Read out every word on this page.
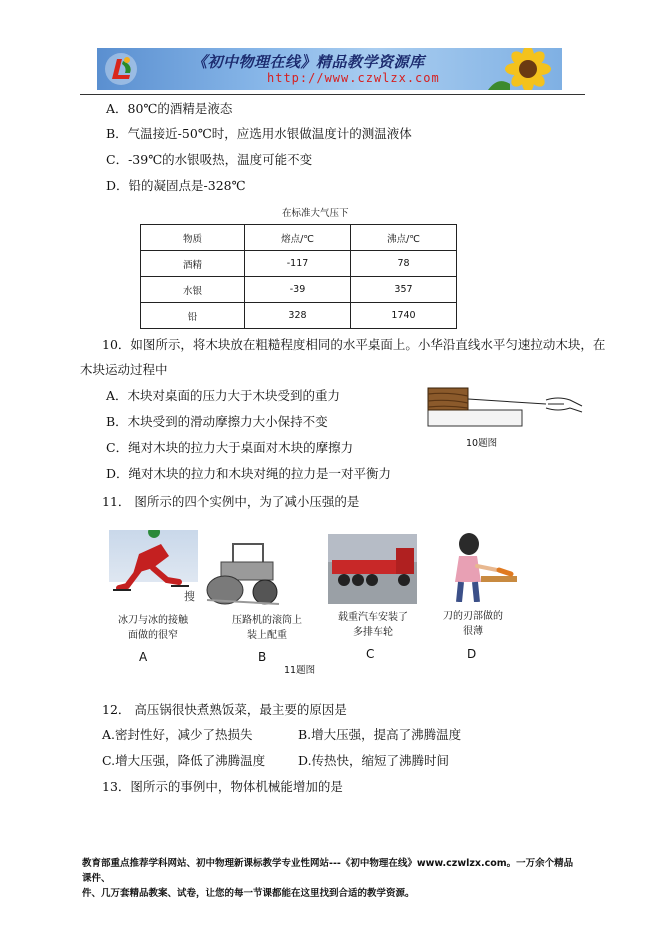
《初中物理在线》精品教学资源库
http://www.czwlzx.com
A．80℃的酒精是液态
B．气温接近-50℃时，应选用水银做温度计的测温液体
C．-39℃的水银吸热，温度可能不变
D．铅的凝固点是-328℃
在标准大气压下
物质	熔点/℃	沸点/℃
酒精	-117	78
水银	-39	357
铅	328	1740
10．如图所示，将木块放在粗糙程度相同的水平桌面上。小华沿直线水平匀速拉动木块，在
木块运动过程中
A．木块对桌面的压力大于木块受到的重力
B．木块受到的滑动摩擦力大小保持不变
C．绳对木块的拉力大于桌面对木块的摩擦力
D．绳对木块的拉力和木块对绳的拉力是一对平衡力
10题图
11． 图所示的四个实例中，为了减小压强的是
搜
冰刀与冰的接触
面做的很窄
压路机的滚筒上
装上配重
载重汽车安装了
多排车轮
刀的刃部做的
很薄
A	B	C	D
11题图
12． 高压锅很快煮熟饭菜，最主要的原因是
A.密封性好，减少了热损失	B.增大压强，提高了沸腾温度
C.增大压强，降低了沸腾温度	D.传热快，缩短了沸腾时间
13．图所示的事例中，物体机械能增加的是
教育部重点推荐学科网站、初中物理新课标教学专业性网站---《初中物理在线》www.czwlzx.com。一万余个精品课件、
件、几万套精品教案、试卷，让您的每一节课都能在这里找到合适的教学资源。
